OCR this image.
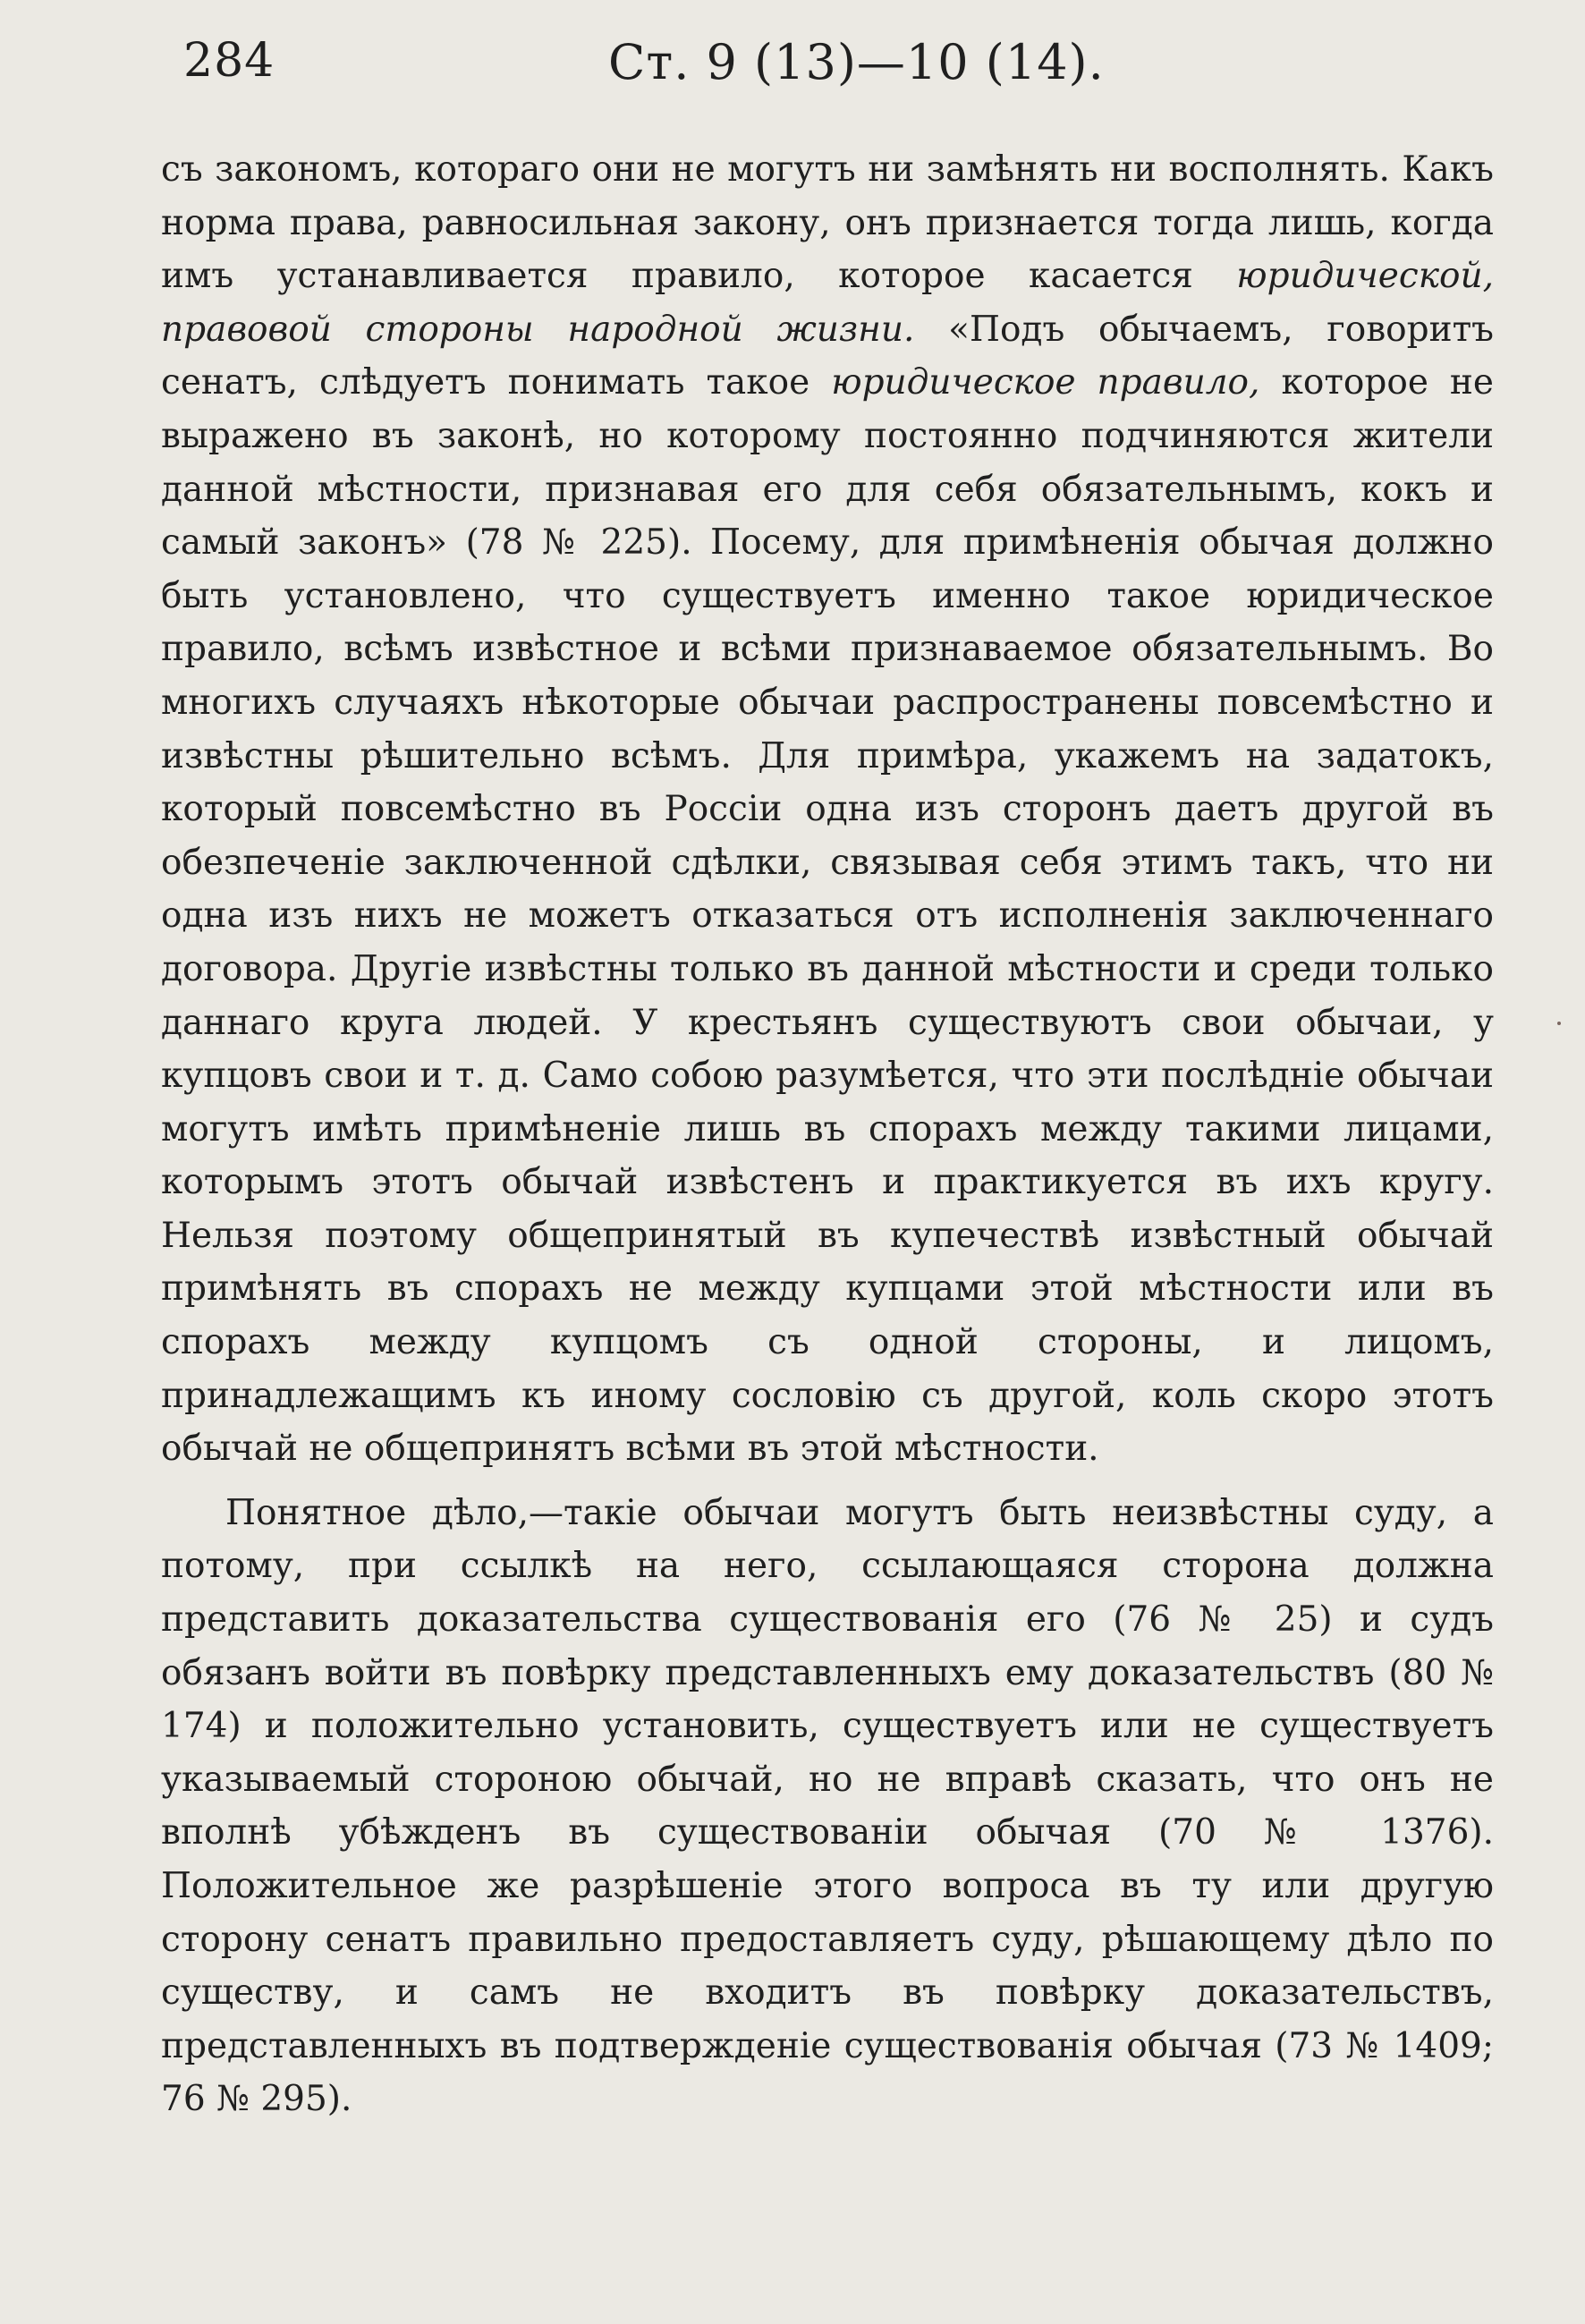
284	Ст. 9 (13)—10 (14).

съ закономъ, котораго они не могутъ ни замѣнять ни восполнять. Какъ норма права, равносильная закону, онъ признается тогда лишь, когда имъ устанавливается правило, которое касается юридической, правовой стороны народной жизни. «Подъ обычаемъ, говоритъ сенатъ, слѣдуетъ понимать такое юридическое правило, которое не выражено въ законѣ, но которому постоянно подчиняются жители данной мѣстности, признавая его для себя обязательнымъ, кокъ и самый законъ» (78 № 225). Посему, для примѣненія обычая должно быть установлено, что существуетъ именно такое юридическое правило, всѣмъ извѣстное и всѣми признаваемое обязательнымъ. Во многихъ случаяхъ нѣкоторые обычаи распространены повсемѣстно и извѣстны рѣшительно всѣмъ. Для примѣра, укажемъ на задатокъ, который повсемѣстно въ Россіи одна изъ сторонъ даетъ другой въ обезпеченіе заключенной сдѣлки, связывая себя этимъ такъ, что ни одна изъ нихъ не можетъ отказаться отъ исполненія заключеннаго договора. Другіе извѣстны только въ данной мѣстности и среди только даннаго круга людей. У крестьянъ существуютъ свои обычаи, у купцовъ свои и т. д. Само собою разумѣется, что эти послѣдніе обычаи могутъ имѣть примѣненіе лишь въ спорахъ между такими лицами, которымъ этотъ обычай извѣстенъ и практикуется въ ихъ кругу. Нельзя поэтому общепринятый въ купечествѣ извѣстный обычай примѣнять въ спорахъ не между купцами этой мѣстности или въ спорахъ между купцомъ съ одной стороны, и лицомъ, принадлежащимъ къ иному сословію съ другой, коль скоро этотъ обычай не общепринятъ всѣми въ этой мѣстности.

Понятное дѣло,—такіе обычаи могутъ быть неизвѣстны суду, а потому, при ссылкѣ на него, ссылающаяся сторона должна представить доказательства существованія его (76 № 25) и судъ обязанъ войти въ повѣрку представленныхъ ему доказательствъ (80 № 174) и положительно установить, существуетъ или не существуетъ указываемый стороною обычай, но не вправѣ сказать, что онъ не вполнѣ убѣжденъ въ существованіи обычая (70 № 1376). Положительное же разрѣшеніе этого вопроса въ ту или другую сторону сенатъ правильно предоставляетъ суду, рѣшающему дѣло по существу, и самъ не входитъ въ повѣрку доказательствъ, представленныхъ въ подтвержденіе существованія обычая (73 № 1409; 76 № 295).
